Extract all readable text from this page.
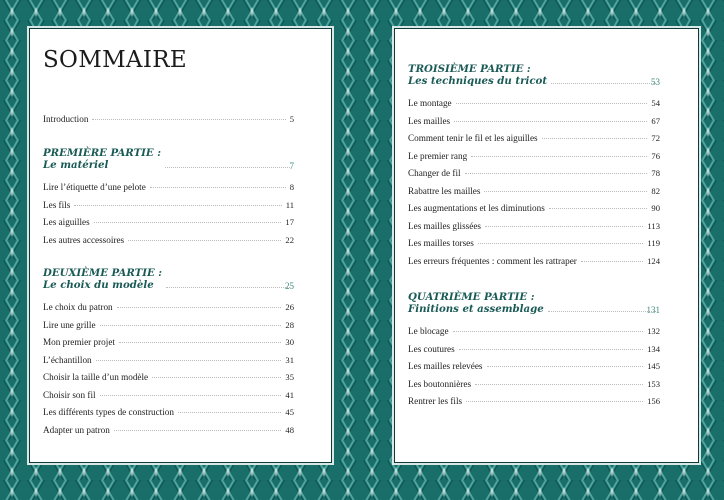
SOMMAIRE
Introduction	5
PREMIÈRE PARTIE :
Le matériel	7
Lire l’étiquette d’une pelote	8
Les fils	11
Les aiguilles	17
Les autres accessoires	22
DEUXIÈME PARTIE :
Le choix du modèle	25
Le choix du patron	26
Lire une grille	28
Mon premier projet	30
L’échantillon	31
Choisir la taille d’un modèle	35
Choisir son fil	41
Les différents types de construction	45
Adapter un patron	48
TROISIÈME PARTIE :
Les techniques du tricot	53
Le montage	54
Les mailles	67
Comment tenir le fil et les aiguilles	72
Le premier rang	76
Changer de fil	78
Rabattre les mailles	82
Les augmentations et les diminutions	90
Les mailles glissées	113
Les mailles torses	119
Les erreurs fréquentes : comment les rattraper	124
QUATRIÈME PARTIE :
Finitions et assemblage	131
Le blocage	132
Les coutures	134
Les mailles relevées	145
Les boutonnières	153
Rentrer les fils	156
